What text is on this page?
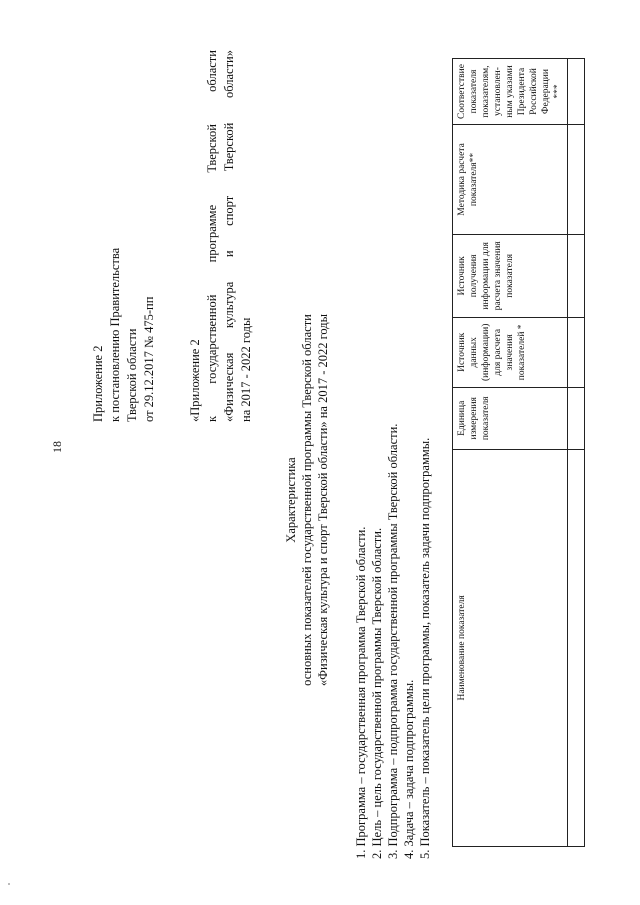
18
Приложение 2 к постановлению Правительства Тверской области от 29.12.2017 № 475-пп	«Приложение 2 к
государственной
программе
Тверской
области
«Физическая
культура
и
спорт
Тверской
области»
на 2017 - 2022 годы
Характеристика основных показателей государственной программы Тверской области «Физическая культура и спорт Тверской области» на 2017 - 2022 годы
1. Программа – государственная программа Тверской области. 2. Цель – цель государственной программы Тверской области. 3. Подпрограмма – подпрограмма государственной программы Тверской области. 4. Задача – задача подпрограммы. 5. Показатель – показатель цели программы, показатель задачи подпрограммы.	Наименование показателя	Единица измерения показателя	Источник данных (информации) для расчета значения показателей *	Источник получения информации для расчета значения показателя	Методика расчета показателя**	Соответствие показателя показателям, установлен-ным указами Президента Российской Федерации ***
